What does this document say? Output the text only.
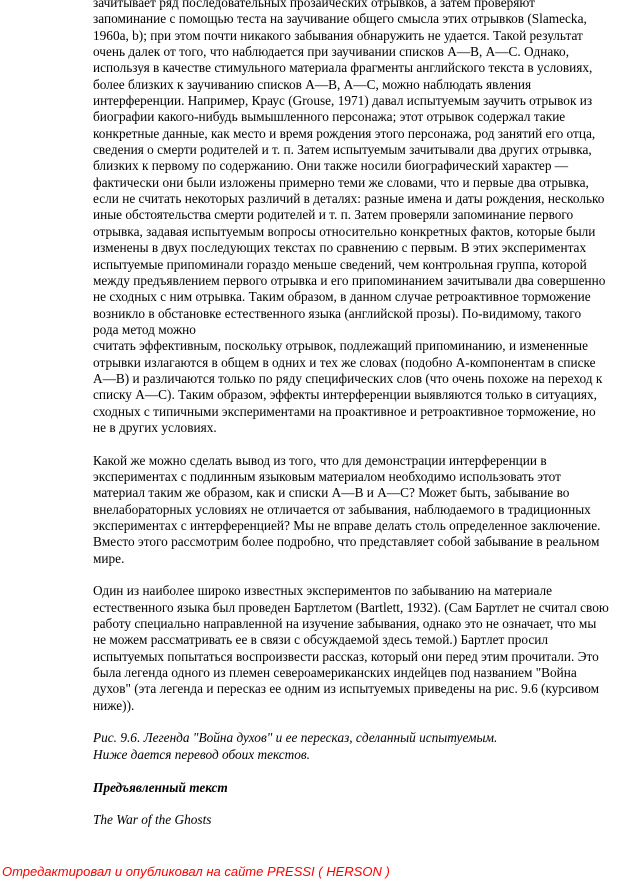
зачитывает ряд последовательных прозаических отрывков, а затем проверяют
запоминание с помощью теста на заучивание общего смысла этих отрывков (Slamecka,
1960a, b); при этом почти никакого забывания обнаружить не удается. Такой результат
очень далек от того, что наблюдается при заучивании списков А—В, А—С. Однако,
используя в качестве стимульного материала фрагменты английского текста в условиях,
более близких к заучиванию списков А—В, А—С, можно наблюдать явления
интерференции. Например, Краус (Grouse, 1971) давал испытуемым заучить отрывок из
биографии какого-нибудь вымышленного персонажа; этот отрывок содержал такие
конкретные данные, как место и время рождения этого персонажа, род занятий его отца,
сведения о смерти родителей и т. п. Затем испытуемым зачитывали два других отрывка,
близких к первому по содержанию. Они также носили биографический характер —
фактически они были изложены примерно теми же словами, что и первые два отрывка,
если не считать некоторых различий в деталях: разные имена и даты рождения, несколько
иные обстоятельства смерти родителей и т. п. Затем проверяли запоминание первого
отрывка, задавая испытуемым вопросы относительно конкретных фактов, которые были
изменены в двух последующих текстах по сравнению с первым. В этих экспериментах
испытуемые припоминали гораздо меньше сведений, чем контрольная группа, которой
между предъявлением первого отрывка и его припоминанием зачитывали два совершенно
не сходных с ним отрывка. Таким образом, в данном случае ретроактивное торможение
возникло в обстановке естественного языка (английской прозы). По-видимому, такого
рода метод можно
считать эффективным, поскольку отрывок, подлежащий припоминанию, и измененные
отрывки излагаются в общем в одних и тех же словах (подобно А-компонентам в списке
А—В) и различаются только по ряду специфических слов (что очень похоже на переход к
списку А—С). Таким образом, эффекты интерференции выявляются только в ситуациях,
сходных с типичными экспериментами на проактивное и ретроактивное торможение, но
не в других условиях.
Какой же можно сделать вывод из того, что для демонстрации интерференции в
экспериментах с подлинным языковым материалом необходимо использовать этот
материал таким же образом, как и списки А—В и А—С? Может быть, забывание во
внелабораторных условиях не отличается от забывания, наблюдаемого в традиционных
экспериментах с интерференцией? Мы не вправе делать столь определенное заключение.
Вместо этого рассмотрим более подробно, что представляет собой забывание в реальном
мире.
Один из наиболее широко известных экспериментов по забыванию на материале
естественного языка был проведен Бартлетом (Bartlett, 1932). (Сам Бартлет не считал свою
работу специально направленной на изучение забывания, однако это не означает, что мы
не можем рассматривать ее в связи с обсуждаемой здесь темой.) Бартлет просил
испытуемых попытаться воспроизвести рассказ, который они перед этим прочитали. Это
была легенда одного из племен североамериканских индейцев под названием "Война
духов" (эта легенда и пересказ ее одним из испытуемых приведены на рис. 9.6 (курсивом
ниже)).
Рис. 9.6. Легенда "Война духов" и ее пересказ, сделанный испытуемым.
Ниже дается перевод обоих текстов.
Предъявленный текст
The War of the Ghosts
Отредактировал и опубликовал на сайте PRESSI ( HERSON )
